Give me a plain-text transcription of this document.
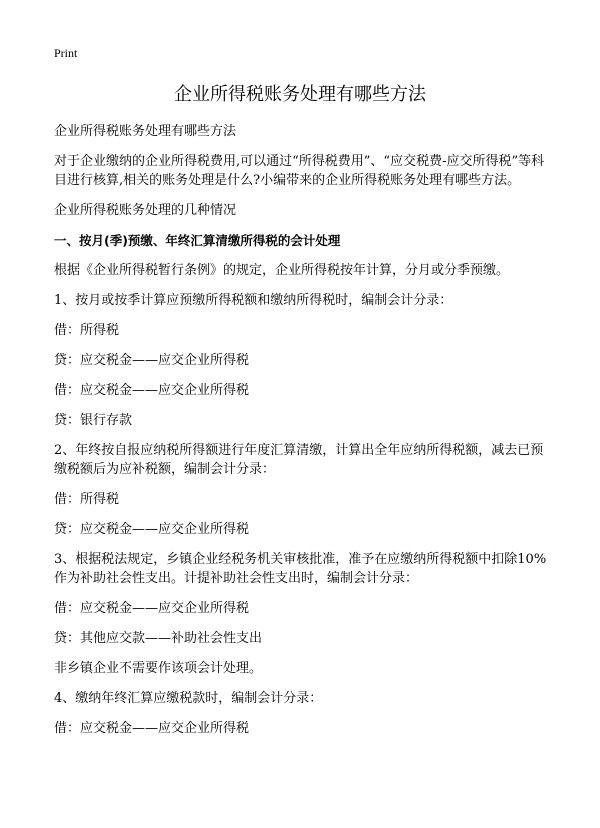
Print
企业所得税账务处理有哪些方法

企业所得税账务处理有哪些方法

对于企业缴纳的企业所得税费用,可以通过“所得税费用”、“应交税费-应交所得税”等科目进行核算,相关的账务处理是什么?小编带来的企业所得税账务处理有哪些方法。

企业所得税账务处理的几种情况

一、按月(季)预缴、年终汇算清缴所得税的会计处理

根据《企业所得税暂行条例》的规定，企业所得税按年计算，分月或分季预缴。

1、按月或按季计算应预缴所得税额和缴纳所得税时，编制会计分录：

借：所得税

贷：应交税金——应交企业所得税

借：应交税金——应交企业所得税

贷：银行存款

2、年终按自报应纳税所得额进行年度汇算清缴，计算出全年应纳所得税额，减去已预缴税额后为应补税额，编制会计分录：

借：所得税

贷：应交税金——应交企业所得税

3、根据税法规定，乡镇企业经税务机关审核批准，准予在应缴纳所得税额中扣除10%作为补助社会性支出。计提补助社会性支出时，编制会计分录：

借：应交税金——应交企业所得税

贷：其他应交款——补助社会性支出

非乡镇企业不需要作该项会计处理。

4、缴纳年终汇算应缴税款时，编制会计分录：

借：应交税金——应交企业所得税
